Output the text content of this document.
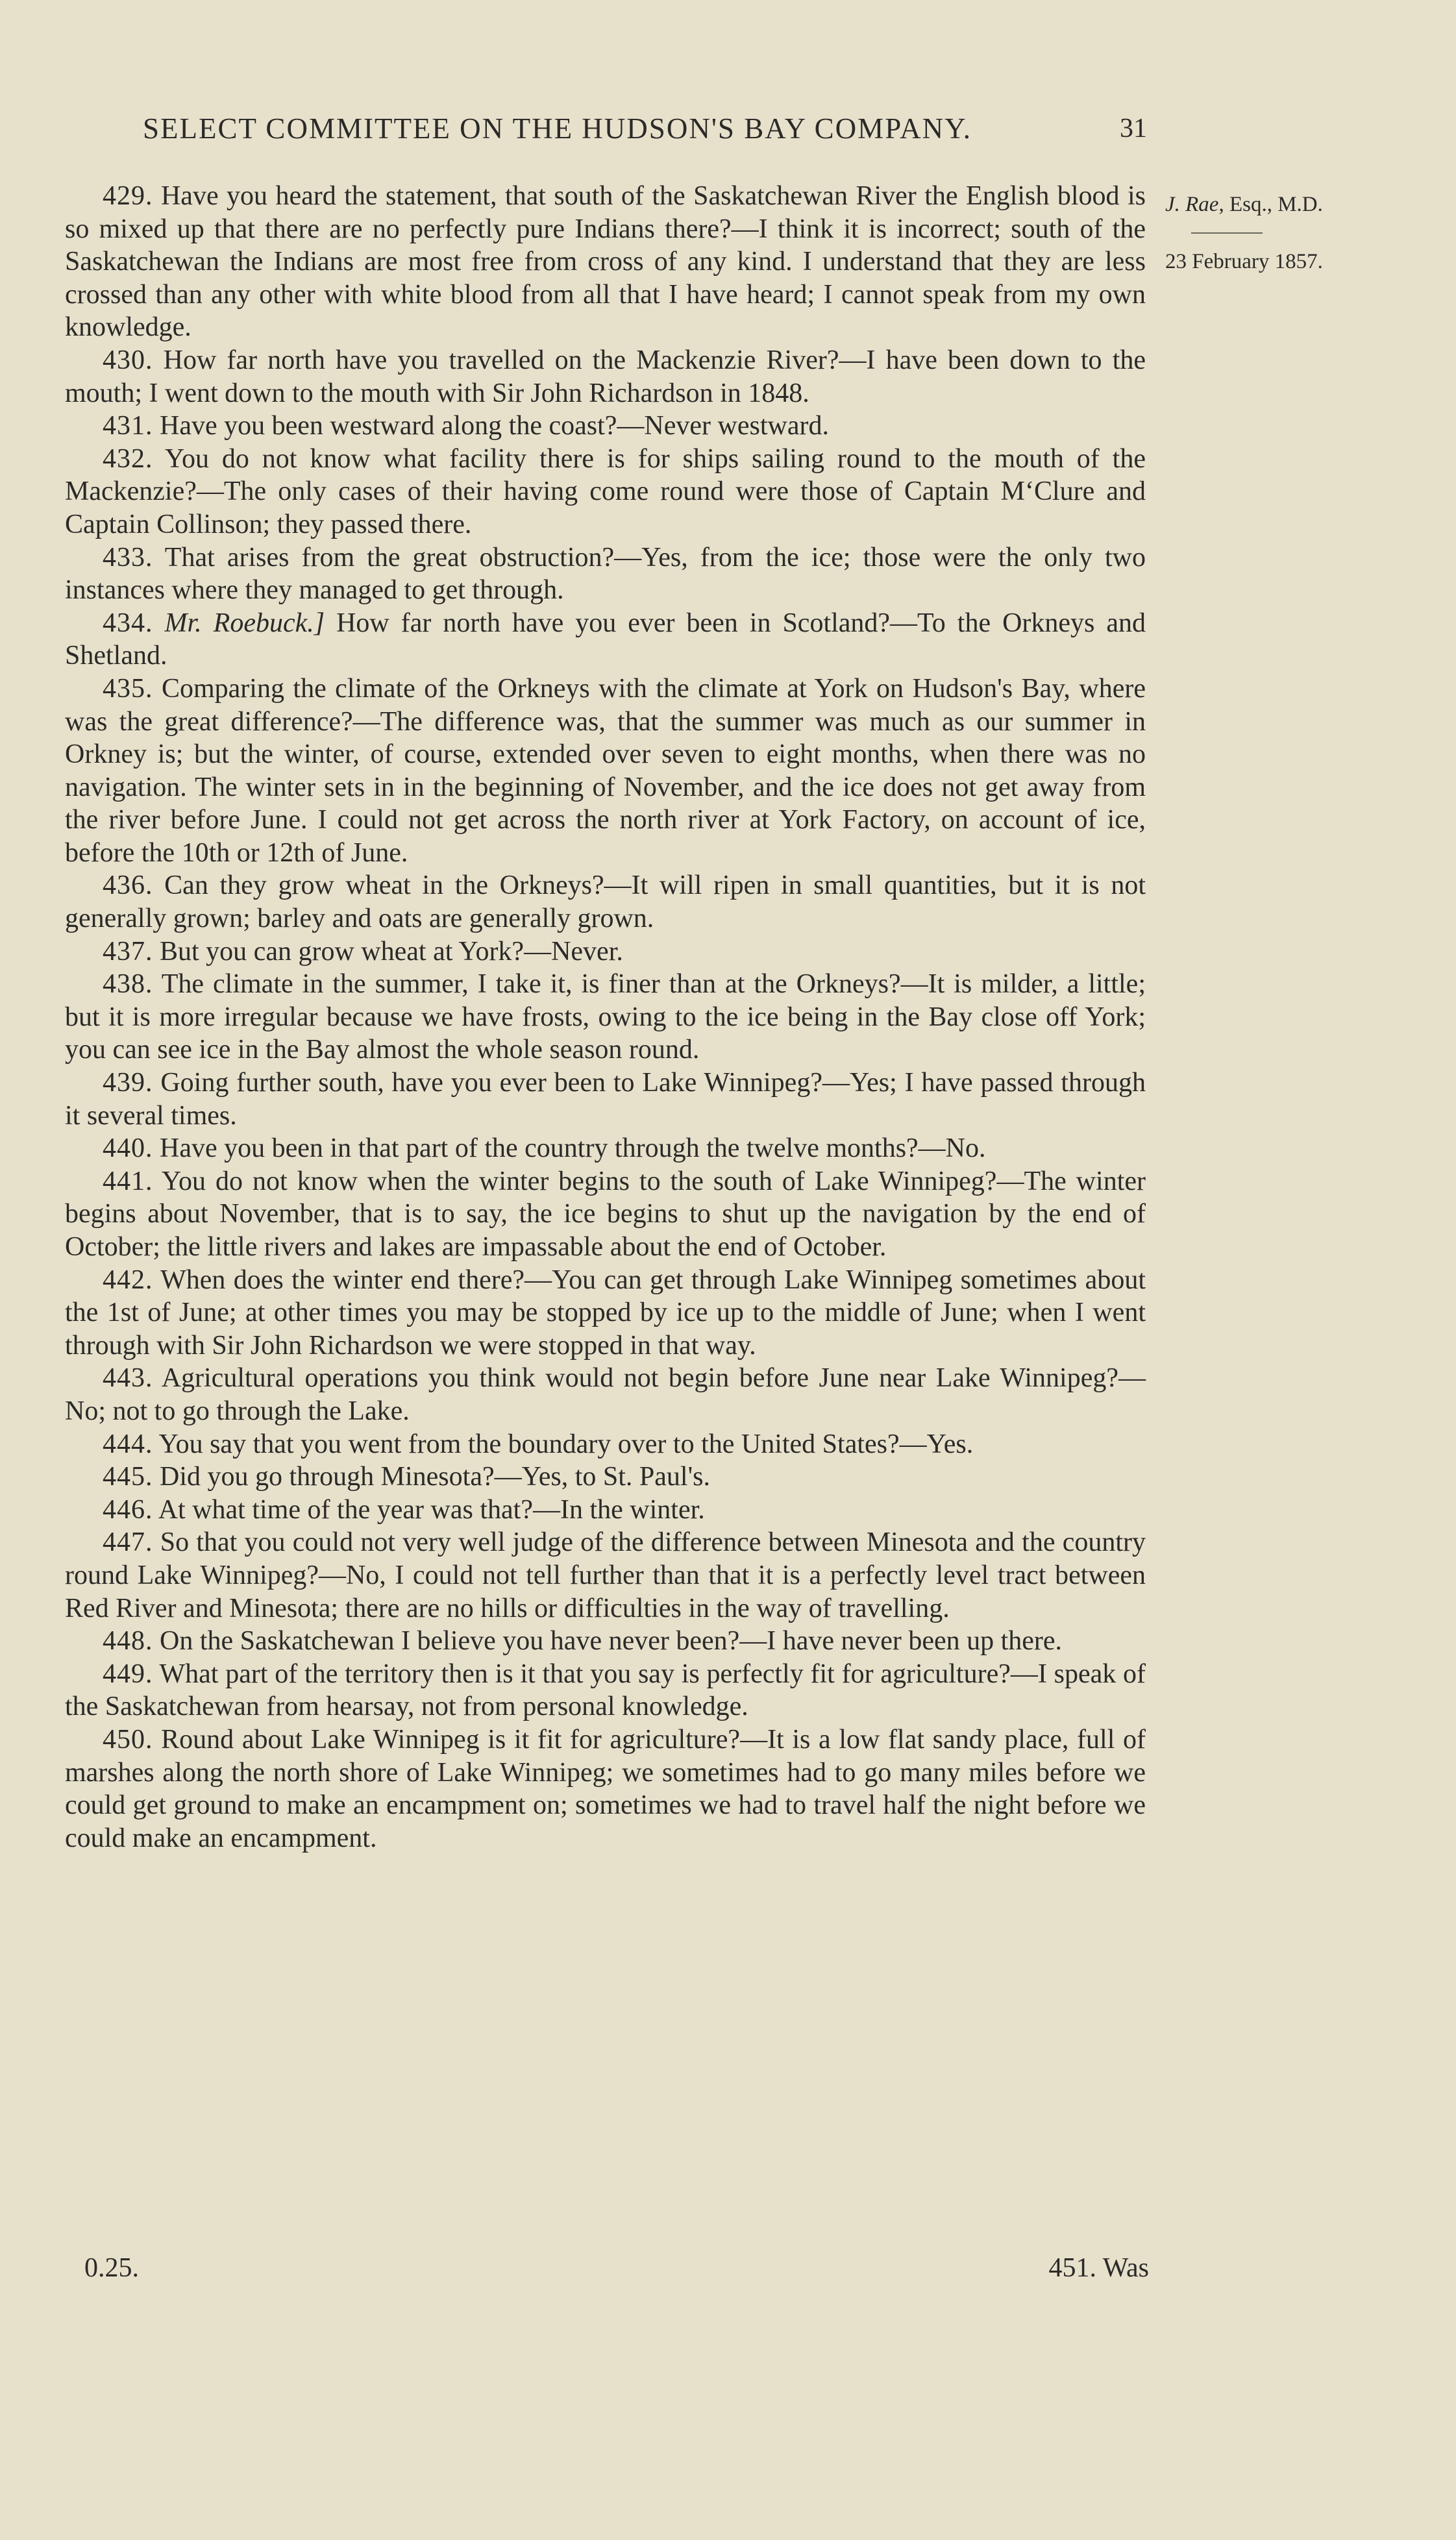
SELECT COMMITTEE ON THE HUDSON'S BAY COMPANY.	31
J. Rae, Esq., M.D.
23 February 1857.

429. Have you heard the statement, that south of the Saskatchewan River the English blood is so mixed up that there are no perfectly pure Indians there?—I think it is incorrect; south of the Saskatchewan the Indians are most free from cross of any kind. I understand that they are less crossed than any other with white blood from all that I have heard; I cannot speak from my own knowledge.

430. How far north have you travelled on the Mackenzie River?—I have been down to the mouth; I went down to the mouth with Sir John Richardson in 1848.

431. Have you been westward along the coast?—Never westward.

432. You do not know what facility there is for ships sailing round to the mouth of the Mackenzie?—The only cases of their having come round were those of Captain M‘Clure and Captain Collinson; they passed there.

433. That arises from the great obstruction?—Yes, from the ice; those were the only two instances where they managed to get through.

434. Mr. Roebuck.] How far north have you ever been in Scotland?—To the Orkneys and Shetland.

435. Comparing the climate of the Orkneys with the climate at York on Hudson's Bay, where was the great difference?—The difference was, that the summer was much as our summer in Orkney is; but the winter, of course, extended over seven to eight months, when there was no navigation. The winter sets in in the beginning of November, and the ice does not get away from the river before June. I could not get across the north river at York Factory, on account of ice, before the 10th or 12th of June.

436. Can they grow wheat in the Orkneys?—It will ripen in small quantities, but it is not generally grown; barley and oats are generally grown.

437. But you can grow wheat at York?—Never.

438. The climate in the summer, I take it, is finer than at the Orkneys?—It is milder, a little; but it is more irregular because we have frosts, owing to the ice being in the Bay close off York; you can see ice in the Bay almost the whole season round.

439. Going further south, have you ever been to Lake Winnipeg?—Yes; I have passed through it several times.

440. Have you been in that part of the country through the twelve months?—No.

441. You do not know when the winter begins to the south of Lake Winnipeg?—The winter begins about November, that is to say, the ice begins to shut up the navigation by the end of October; the little rivers and lakes are impassable about the end of October.

442. When does the winter end there?—You can get through Lake Winnipeg sometimes about the 1st of June; at other times you may be stopped by ice up to the middle of June; when I went through with Sir John Richardson we were stopped in that way.

443. Agricultural operations you think would not begin before June near Lake Winnipeg?—No; not to go through the Lake.

444. You say that you went from the boundary over to the United States?—Yes.

445. Did you go through Minesota?—Yes, to St. Paul's.

446. At what time of the year was that?—In the winter.

447. So that you could not very well judge of the difference between Minesota and the country round Lake Winnipeg?—No, I could not tell further than that it is a perfectly level tract between Red River and Minesota; there are no hills or difficulties in the way of travelling.

448. On the Saskatchewan I believe you have never been?—I have never been up there.

449. What part of the territory then is it that you say is perfectly fit for agriculture?—I speak of the Saskatchewan from hearsay, not from personal knowledge.

450. Round about Lake Winnipeg is it fit for agriculture?—It is a low flat sandy place, full of marshes along the north shore of Lake Winnipeg; we sometimes had to go many miles before we could get ground to make an encampment on; sometimes we had to travel half the night before we could make an encampment.

0.25.	451. Was
